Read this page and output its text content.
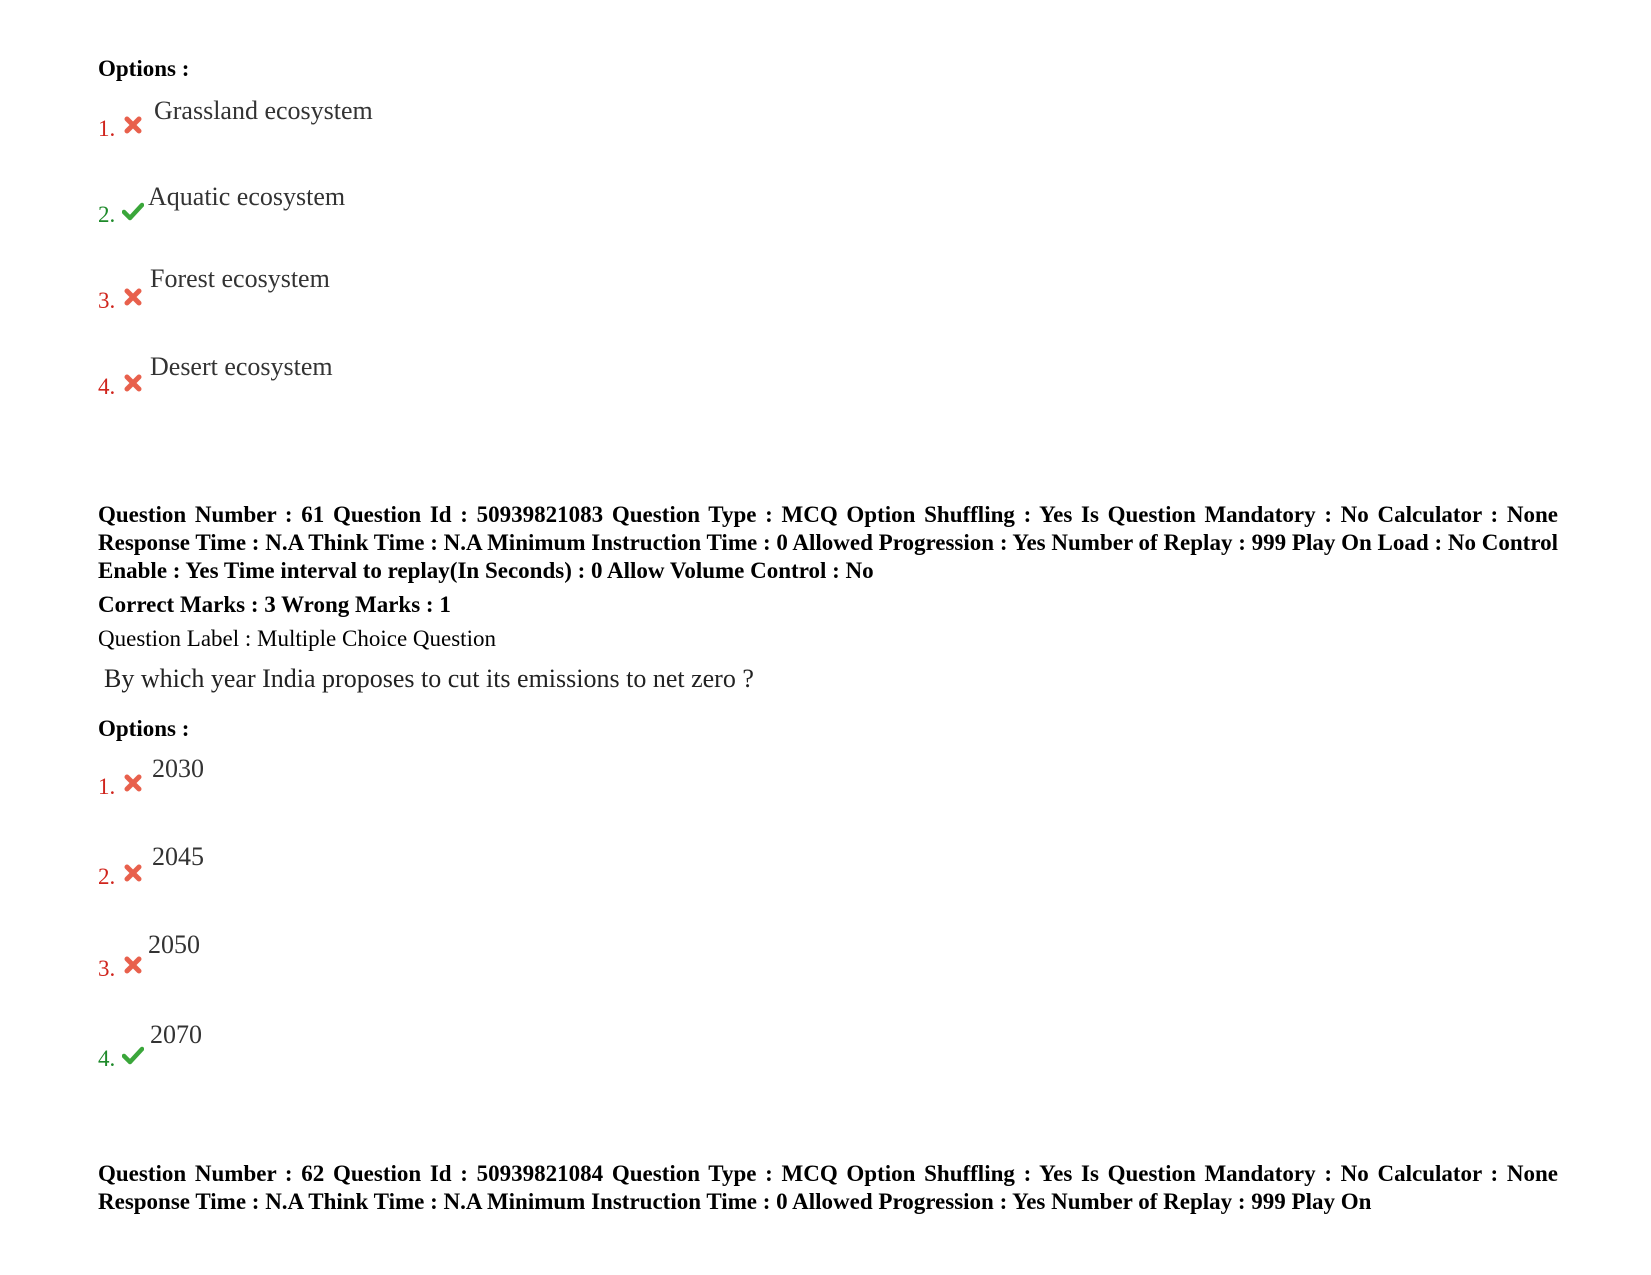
Options :
1.
Grassland ecosystem
2.
Aquatic ecosystem
3.
Forest ecosystem
4.
Desert ecosystem
Question Number : 61 Question Id : 50939821083 Question Type : MCQ Option Shuffling : Yes Is Question Mandatory : No Calculator : None Response Time : N.A Think Time : N.A Minimum Instruction Time : 0 Allowed Progression : Yes Number of Replay : 999 Play On Load : No Control Enable : Yes Time interval to replay(In Seconds) : 0 Allow Volume Control : No
Correct Marks : 3 Wrong Marks : 1
Question Label : Multiple Choice Question
By which year India proposes to cut its emissions to net zero ?
Options :
1.
2030
2.
2045
3.
2050
4.
2070
Question Number : 62 Question Id : 50939821084 Question Type : MCQ Option Shuffling : Yes Is Question Mandatory : No Calculator : None Response Time : N.A Think Time : N.A Minimum Instruction Time : 0 Allowed Progression : Yes Number of Replay : 999 Play On
